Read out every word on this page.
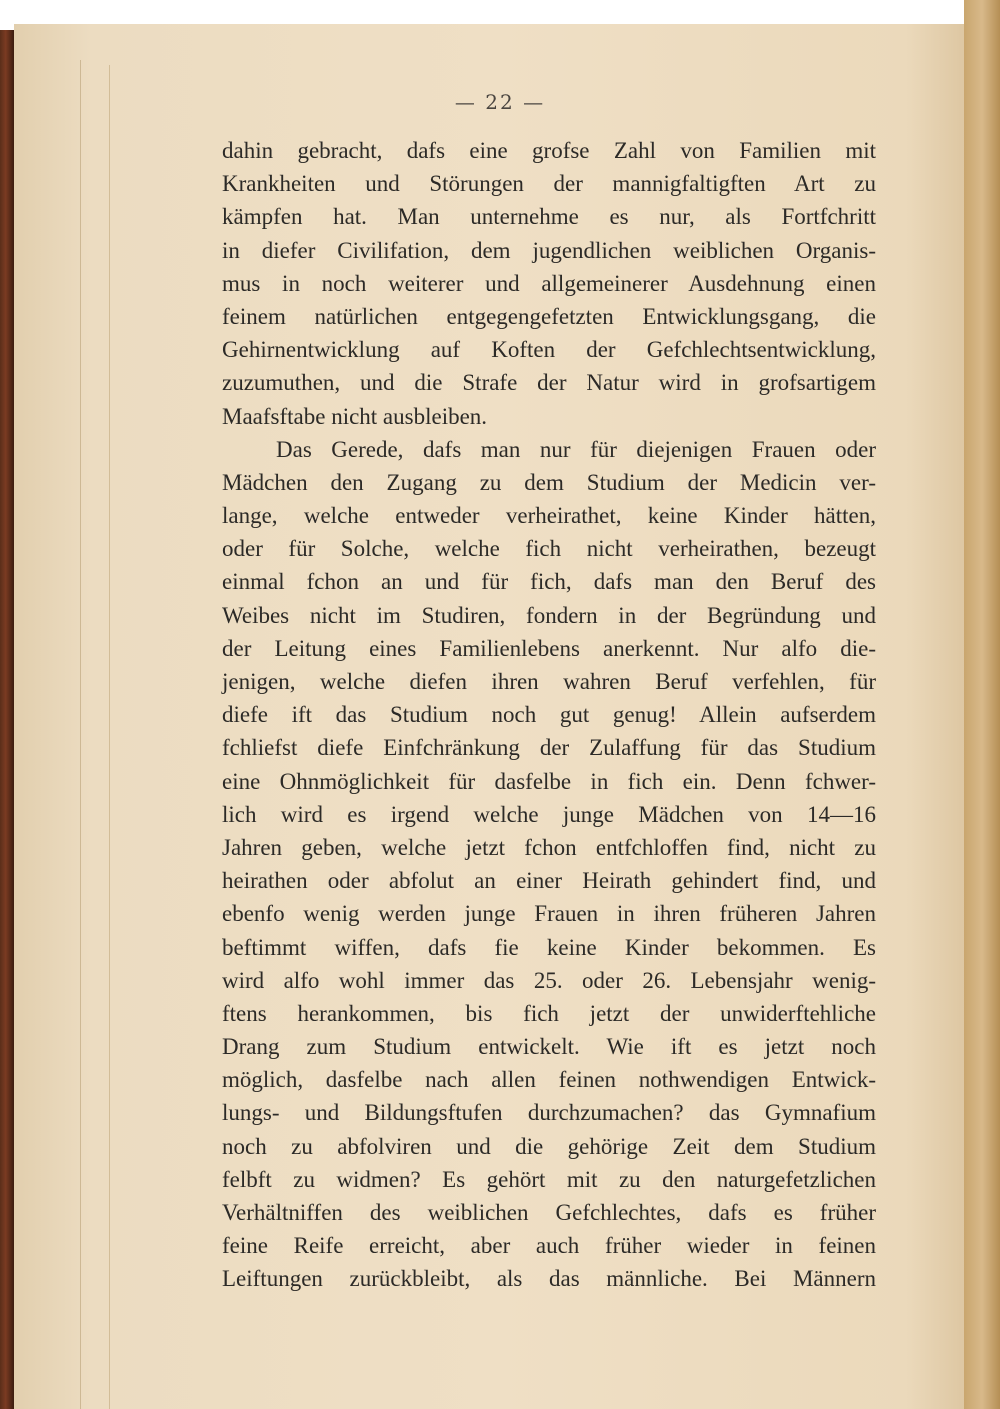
— 22 —
dahin gebracht, dafs eine grofse Zahl von Familien mit
Krankheiten und Störungen der mannigfaltigften Art zu
kämpfen hat. Man unternehme es nur, als Fortfchritt
in diefer Civilifation, dem jugendlichen weiblichen Organis-
mus in noch weiterer und allgemeinerer Ausdehnung einen
feinem natürlichen entgegengefetzten Entwicklungsgang, die
Gehirnentwicklung auf Koften der Gefchlechtsentwicklung,
zuzumuthen, und die Strafe der Natur wird in grofsartigem
Maafsftabe nicht ausbleiben.
Das Gerede, dafs man nur für diejenigen Frauen oder
Mädchen den Zugang zu dem Studium der Medicin ver-
lange, welche entweder verheirathet, keine Kinder hätten,
oder für Solche, welche fich nicht verheirathen, bezeugt
einmal fchon an und für fich, dafs man den Beruf des
Weibes nicht im Studiren, fondern in der Begründung und
der Leitung eines Familienlebens anerkennt. Nur alfo die-
jenigen, welche diefen ihren wahren Beruf verfehlen, für
diefe ift das Studium noch gut genug! Allein aufserdem
fchliefst diefe Einfchränkung der Zulaffung für das Studium
eine Ohnmöglichkeit für dasfelbe in fich ein. Denn fchwer-
lich wird es irgend welche junge Mädchen von 14—16
Jahren geben, welche jetzt fchon entfchloffen find, nicht zu
heirathen oder abfolut an einer Heirath gehindert find, und
ebenfo wenig werden junge Frauen in ihren früheren Jahren
beftimmt wiffen, dafs fie keine Kinder bekommen. Es
wird alfo wohl immer das 25. oder 26. Lebensjahr wenig-
ftens herankommen, bis fich jetzt der unwiderftehliche
Drang zum Studium entwickelt. Wie ift es jetzt noch
möglich, dasfelbe nach allen feinen nothwendigen Entwick-
lungs- und Bildungsftufen durchzumachen? das Gymnafium
noch zu abfolviren und die gehörige Zeit dem Studium
felbft zu widmen? Es gehört mit zu den naturgefetzlichen
Verhältniffen des weiblichen Gefchlechtes, dafs es früher
feine Reife erreicht, aber auch früher wieder in feinen
Leiftungen zurückbleibt, als das männliche. Bei Männern
